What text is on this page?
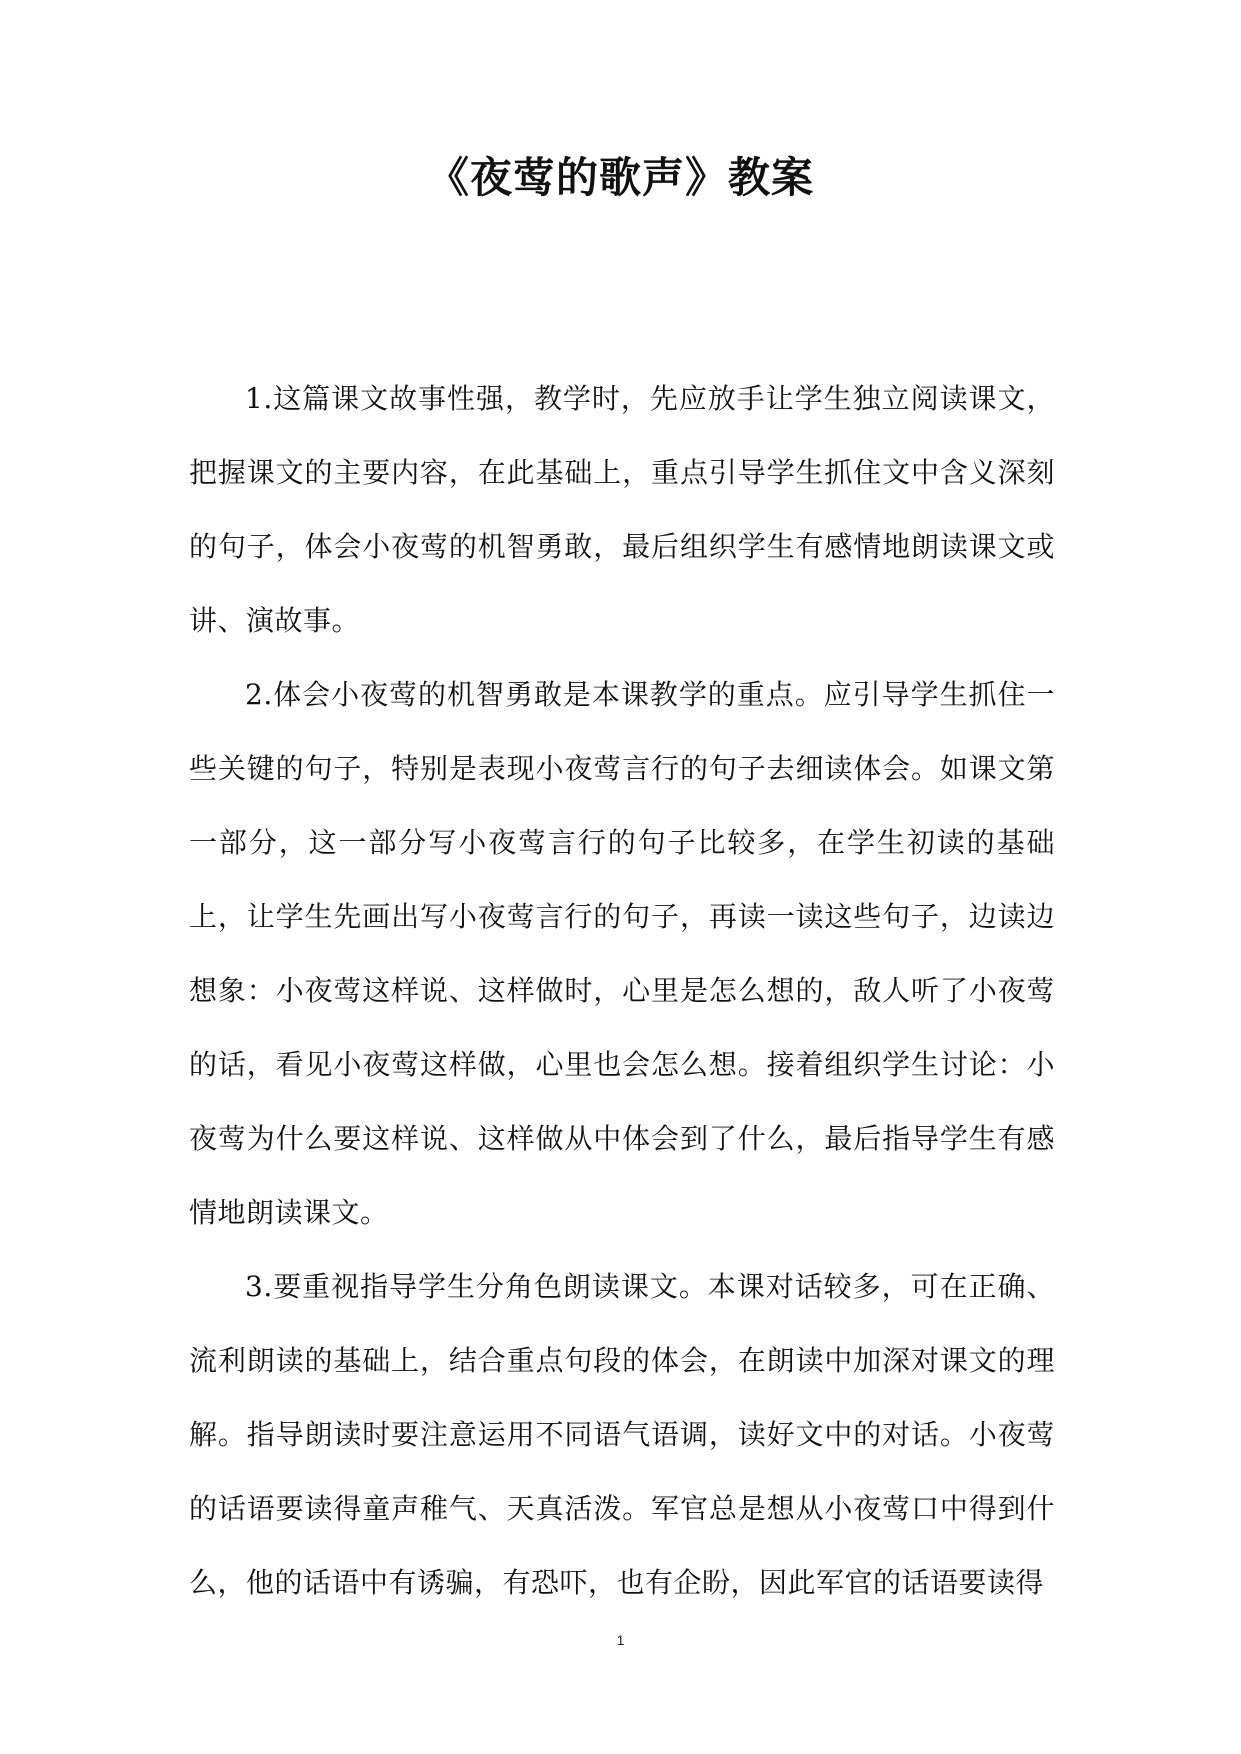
《夜莺的歌声》教案

1.这篇课文故事性强，教学时，先应放手让学生独立阅读课文，把握课文的主要内容，在此基础上，重点引导学生抓住文中含义深刻的句子，体会小夜莺的机智勇敢，最后组织学生有感情地朗读课文或讲、演故事。

2.体会小夜莺的机智勇敢是本课教学的重点。应引导学生抓住一些关键的句子，特别是表现小夜莺言行的句子去细读体会。如课文第一部分，这一部分写小夜莺言行的句子比较多，在学生初读的基础上，让学生先画出写小夜莺言行的句子，再读一读这些句子，边读边想象：小夜莺这样说、这样做时，心里是怎么想的，敌人听了小夜莺的话，看见小夜莺这样做，心里也会怎么想。接着组织学生讨论：小夜莺为什么要这样说、这样做从中体会到了什么，最后指导学生有感情地朗读课文。

3.要重视指导学生分角色朗读课文。本课对话较多，可在正确、流利朗读的基础上，结合重点句段的体会，在朗读中加深对课文的理解。指导朗读时要注意运用不同语气语调，读好文中的对话。小夜莺的话语要读得童声稚气、天真活泼。军官总是想从小夜莺口中得到什么，他的话语中有诱骗，有恐吓，也有企盼，因此军官的话语要读得

1
